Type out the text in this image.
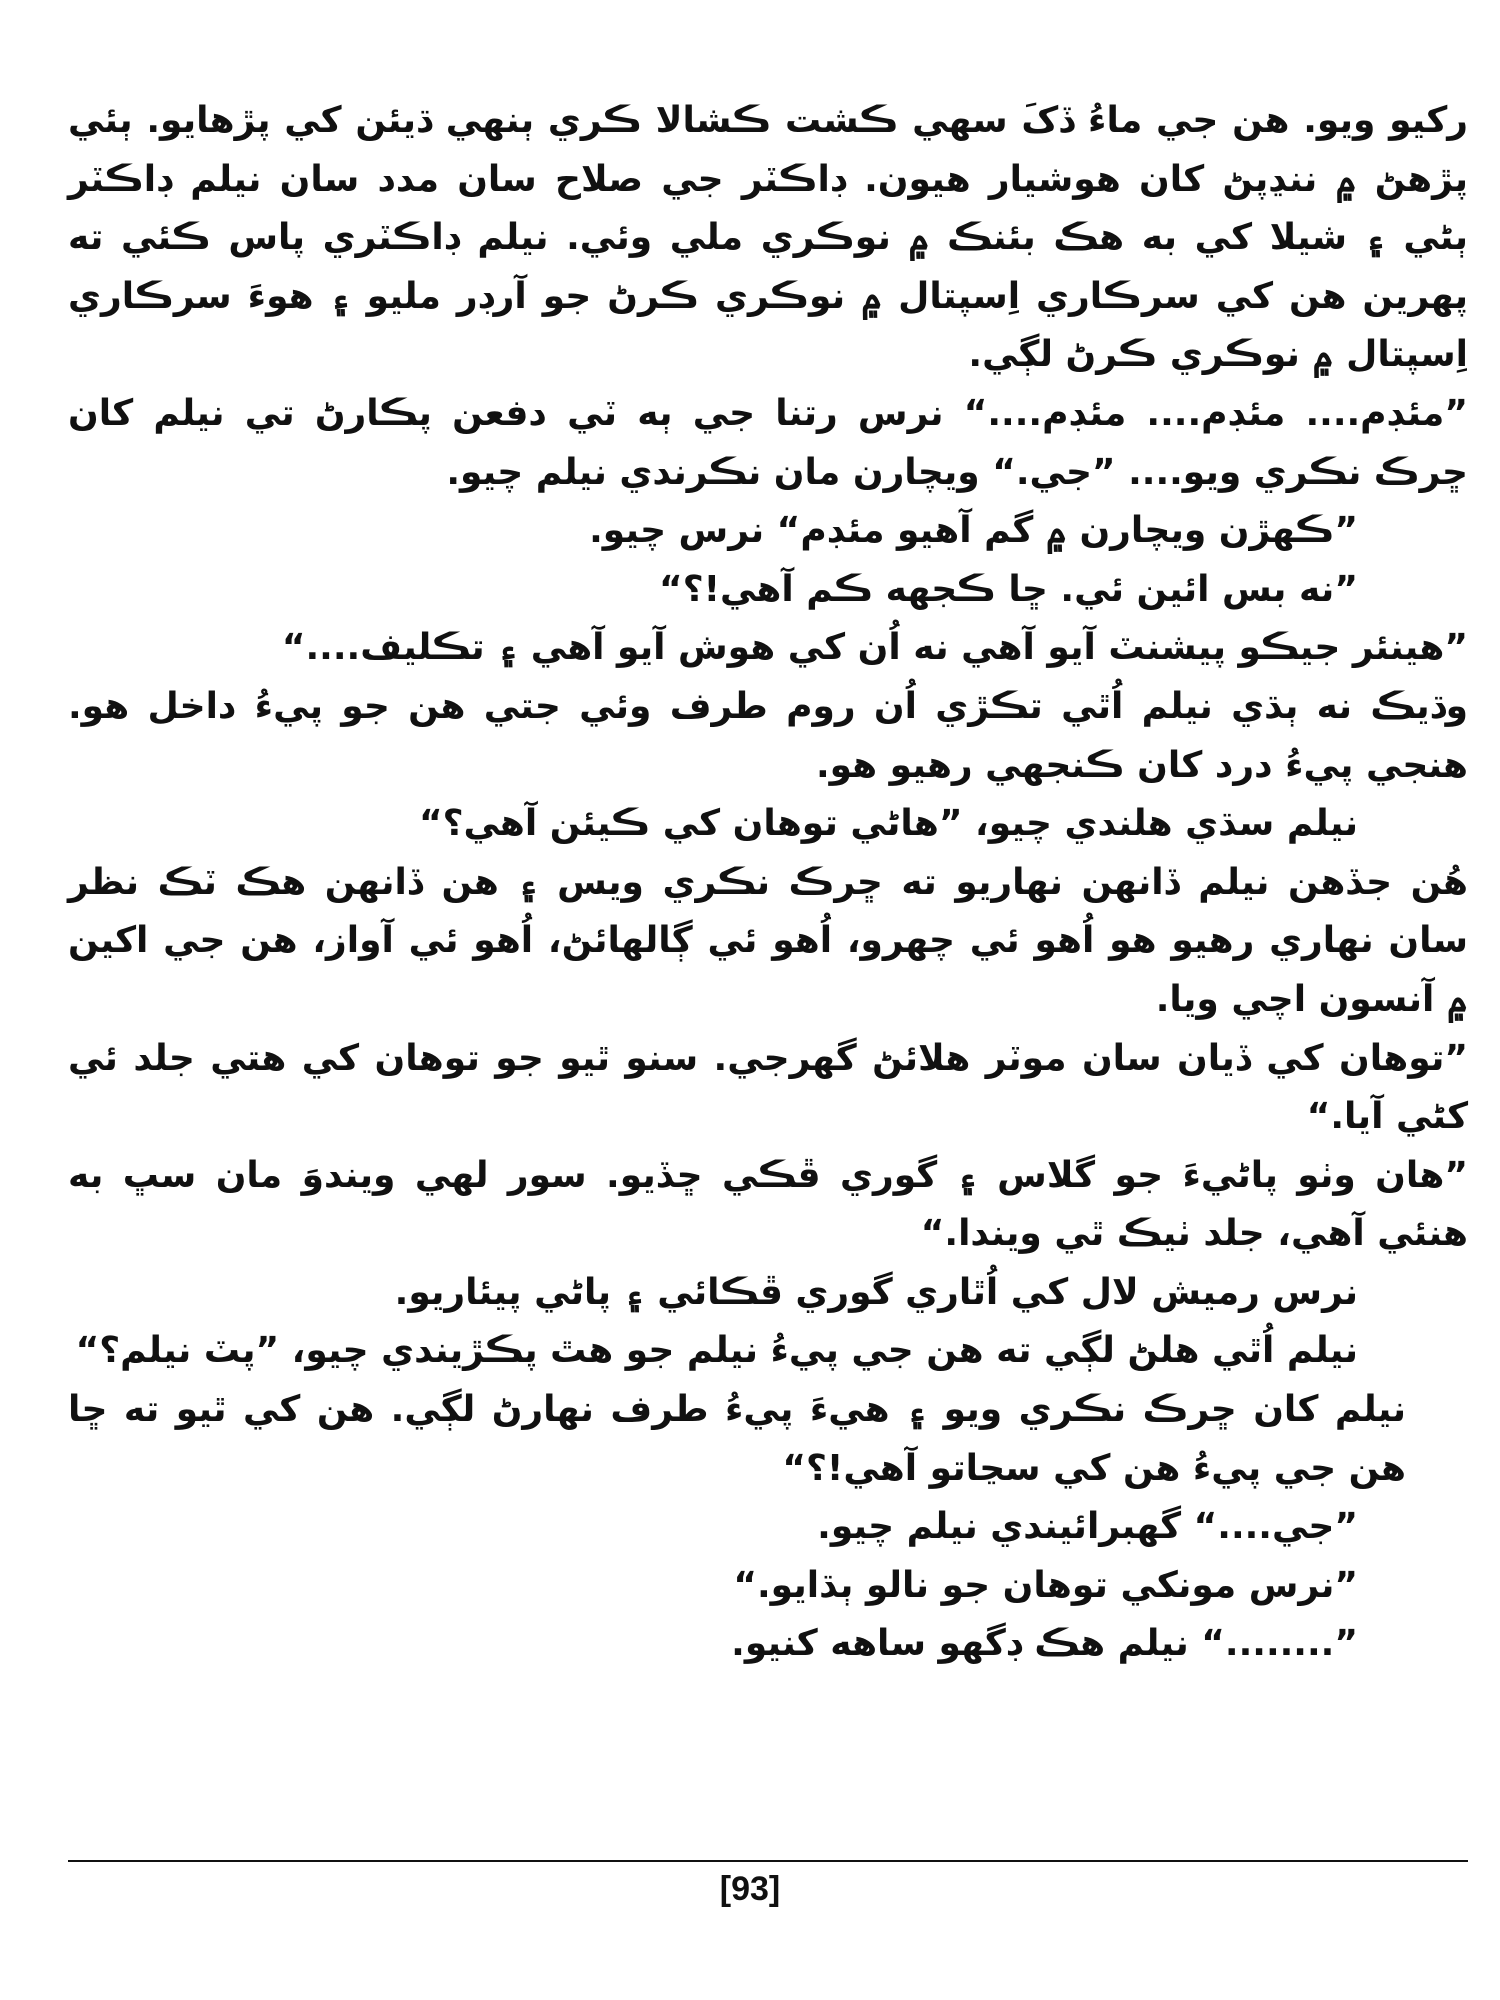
رکيو ويو. هن جي ماءُ ڏکَ سهي ڪشت ڪشالا ڪري ٻنهي ڌيئن کي پڙهايو. ٻئي پڙهڻ ۾ ننڍپڻ کان هوشيار هيون. ڊاڪٽر جي صلاح سان مدد سان نيلم ڊاڪٽر ٻڻي ۽ شيلا کي به هڪ بئنڪ ۾ نوڪري ملي وئي. نيلم ڊاڪٽري پاس ڪئي ته پهرين هن کي سرڪاري اِسپتال ۾ نوڪري ڪرڻ جو آرڊر مليو ۽ هوءَ سرڪاري اِسپتال ۾ نوڪري ڪرڻ لڳي.

”مئڊم.... مئڊم.... مئڊم....“ نرس رتنا جي ٻه ٽي دفعن پڪارڻ تي نيلم کان ڇرڪ نڪري ويو.... ”جي.“ ويچارن مان نڪرندي نيلم چيو.

”ڪهڙن ويچارن ۾ گم آهيو مئڊم“ نرس چيو.

”نه بس ائين ئي. ڇا ڪجهه ڪم آهي!؟“

”هينئر جيڪو پيشنٽ آيو آهي نه اُن کي هوش آيو آهي ۽ تڪليف....“

وڌيڪ نه ٻڌي نيلم اُٿي تڪڙي اُن روم طرف وئي جتي هن جو پيءُ داخل هو. هنجي پيءُ درد کان ڪنجهي رهيو هو.

نيلم سڌي هلندي چيو، ”هاڻي توهان کي ڪيئن آهي؟“

هُن جڏهن نيلم ڏانهن نهاريو ته ڇرڪ نڪري ويس ۽ هن ڏانهن هڪ ٽڪ نظر سان نهاري رهيو هو اُهو ئي چهرو، اُهو ئي ڳالهائڻ، اُهو ئي آواز، هن جي اکين ۾ آنسون اچي ويا.

”توهان کي ڏيان سان موٽر هلائڻ گهرجي. سنو ٿيو جو توهان کي هتي جلد ئي کڻي آيا.“

”هان وٺو پاڻيءَ جو گلاس ۽ گوري ڦڪي ڇڏيو. سور لهي ويندوَ مان سڀ به هنئي آهي، جلد ٺيڪ ٿي ويندا.“

نرس رميش لال کي اُٿاري گوري ڦڪائي ۽ پاڻي پيئاريو.

نيلم اُٿي هلڻ لڳي ته هن جي پيءُ نيلم جو هٿ پڪڙيندي چيو، ”پٽ نيلم؟“

نيلم کان ڇرڪ نڪري ويو ۽ هيءَ پيءُ طرف نهارڻ لڳي. هن کي ٿيو ته ڇا هن جي پيءُ هن کي سڃاتو آهي!؟“

”جي....“ گهبرائيندي نيلم چيو.

”نرس مونکي توهان جو نالو ٻڌايو.“

”........“ نيلم هڪ ڊگهو ساهه کنيو.

[93]
